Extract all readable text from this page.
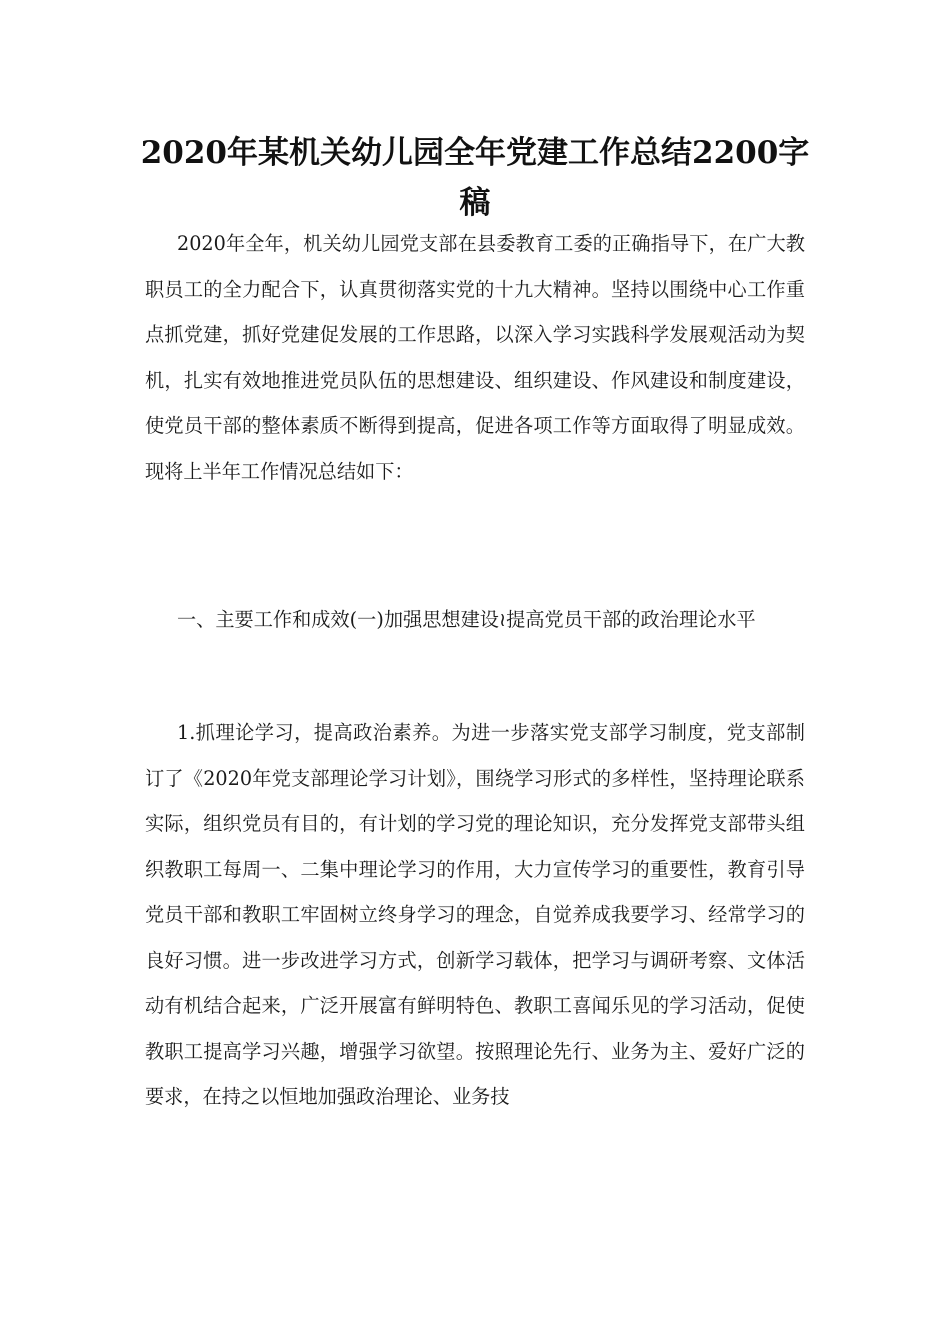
2020年某机关幼儿园全年党建工作总结2200字稿

2020年全年，机关幼儿园党支部在县委教育工委的正确指导下，在广大教职员工的全力配合下，认真贯彻落实党的十九大精神。坚持以围绕中心工作重点抓党建，抓好党建促发展的工作思路，以深入学习实践科学发展观活动为契机，扎实有效地推进党员队伍的思想建设、组织建设、作风建设和制度建设，使党员干部的整体素质不断得到提高，促进各项工作等方面取得了明显成效。现将上半年工作情况总结如下：

一、主要工作和成效(一)加强思想建设≀提高党员干部的政治理论水平

1.抓理论学习，提高政治素养。为进一步落实党支部学习制度，党支部制订了《2020年党支部理论学习计划》，围绕学习形式的多样性，坚持理论联系实际，组织党员有目的，有计划的学习党的理论知识，充分发挥党支部带头组织教职工每周一、二集中理论学习的作用，大力宣传学习的重要性，教育引导党员干部和教职工牢固树立终身学习的理念，自觉养成我要学习、经常学习的良好习惯。进一步改进学习方式，创新学习载体，把学习与调研考察、文体活动有机结合起来，广泛开展富有鲜明特色、教职工喜闻乐见的学习活动，促使教职工提高学习兴趣，增强学习欲望。按照理论先行、业务为主、爱好广泛的要求，在持之以恒地加强政治理论、业务技
